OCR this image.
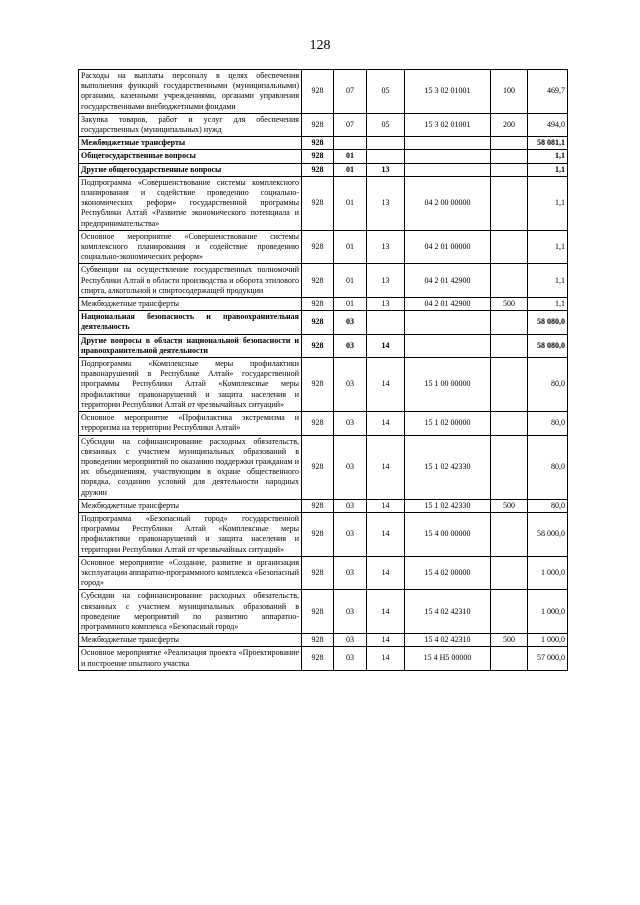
128
Расходы на выплаты персоналу в целях обеспечения выполнения функций государственными (муниципальными) органами, казенными учреждениями, органами управления государственными внебюджетными фондами	928	07	05	15 3 02 01001	100	469,7
Закупка товаров, работ и услуг для обеспечения государственных (муниципальных) нужд	928	07	05	15 3 02 01001	200	494,0
Межбюджетные трансферты	928					58 081,1
Общегосударственные вопросы	928	01				1,1
Другие общегосударственные вопросы	928	01	13			1,1
Подпрограмма «Совершенствование системы комплексного планирования и содействие проведению социально-экономических реформ» государственной программы Республики Алтай «Развитие экономического потенциала и предпринимательства»	928	01	13	04 2 00 00000		1,1
Основное мероприятие «Совершенствование системы комплексного планирования и содействие проведению социально-экономических реформ»	928	01	13	04 2 01 00000		1,1
Субвенции на осуществление государственных полномочий Республики Алтай в области производства и оборота этилового спирта, алкогольной и спиртосодержащей продукции	928	01	13	04 2 01 42900		1,1
Межбюджетные трансферты	928	01	13	04 2 01 42900	500	1,1
Национальная безопасность и правоохранительная деятельность	928	03				58 080,0
Другие вопросы в области национальной безопасности и правоохранительной деятельности	928	03	14			58 080,0
Подпрограмма «Комплексные меры профилактики правонарушений в Республике Алтай» государственной программы Республики Алтай «Комплексные меры профилактики правонарушений и защита населения и территории Республики Алтай от чрезвычайных ситуаций»	928	03	14	15 1 00 00000		80,0
Основное мероприятие «Профилактика экстремизма и терроризма на территории Республики Алтай»	928	03	14	15 1 02 00000		80,0
Субсидии на софинансирование расходных обязательств, связанных с участием муниципальных образований в проведении мероприятий по оказанию поддержки гражданам и их объединениям, участвующим в охране общественного порядка, созданию условий для деятельности народных дружин	928	03	14	15 1 02 42330		80,0
Межбюджетные трансферты	928	03	14	15 1 02 42330	500	80,0
Подпрограмма «Безопасный город» государственной программы Республики Алтай «Комплексные меры профилактики правонарушений и защита населения и территории Республики Алтай от чрезвычайных ситуаций»	928	03	14	15 4 00 00000		58 000,0
Основное мероприятие «Создание, развитие и организация эксплуатации аппаратно-программного комплекса «Безопасный город»	928	03	14	15 4 02 00000		1 000,0
Субсидии на софинансирование расходных обязательств, связанных с участием муниципальных образований в проведение мероприятий по развитию аппаратно-программного комплекса «Безопасный город»	928	03	14	15 4 02 42310		1 000,0
Межбюджетные трансферты	928	03	14	15 4 02 42310	500	1 000,0
Основное мероприятие «Реализация проекта «Проектирование и построение опытного участка	928	03	14	15 4 Н5 00000		57 000,0
